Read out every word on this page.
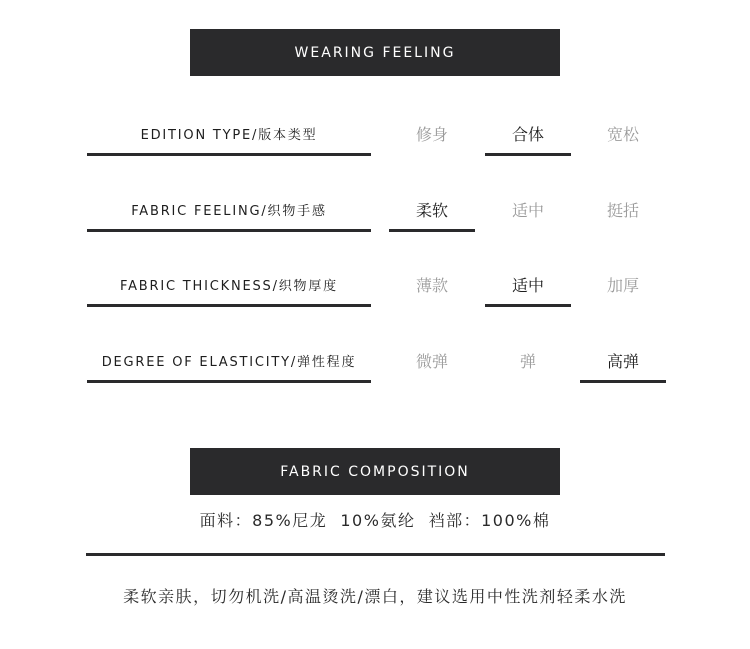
WEARING FEELING
EDITION TYPE/版本类型	修身	合体	宽松
FABRIC FEELING/织物手感	柔软	适中	挺括
FABRIC THICKNESS/织物厚度	薄款	适中	加厚
DEGREE OF ELASTICITY/弹性程度	微弹	弹	高弹
FABRIC COMPOSITION
面料：85%尼龙  10%氨纶  裆部：100%棉
柔软亲肤，切勿机洗/高温烫洗/漂白，建议选用中性洗剂轻柔水洗
